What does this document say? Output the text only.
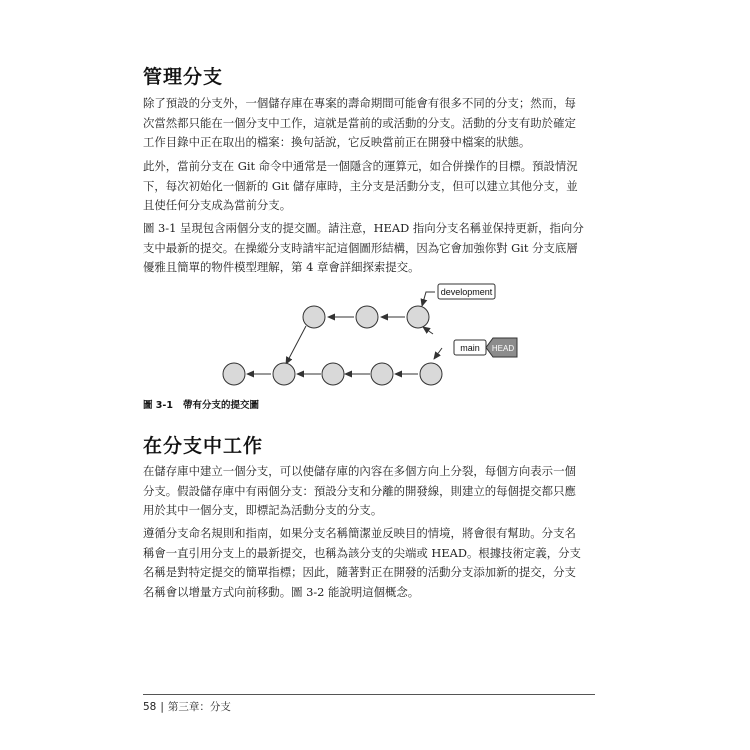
管理分支

除了預設的分支外，一個儲存庫在專案的壽命期間可能會有很多不同的分支；然而，每
次當然都只能在一個分支中工作，這就是當前的或活動的分支。活動的分支有助於確定
工作目錄中正在取出的檔案：換句話說，它反映當前正在開發中檔案的狀態。

此外，當前分支在 Git 命令中通常是一個隱含的運算元，如合併操作的目標。預設情況
下，每次初始化一個新的 Git 儲存庫時，主分支是活動分支，但可以建立其他分支，並
且使任何分支成為當前分支。

圖 3-1 呈現包含兩個分支的提交圖。請注意，HEAD 指向分支名稱並保持更新，指向分
支中最新的提交。在操縱分支時請牢記這個圖形結構，因為它會加強你對 Git 分支底層
優雅且簡單的物件模型理解，第 4 章會詳細探索提交。

development
main HEAD

圖 3-1 帶有分支的提交圖

在分支中工作

在儲存庫中建立一個分支，可以使儲存庫的內容在多個方向上分裂，每個方向表示一個
分支。假設儲存庫中有兩個分支：預設分支和分離的開發線，則建立的每個提交都只應
用於其中一個分支，即標記為活動分支的分支。

遵循分支命名規則和指南，如果分支名稱簡潔並反映目的情境，將會很有幫助。分支名
稱會一直引用分支上的最新提交，也稱為該分支的尖端或 HEAD。根據技術定義，分支
名稱是對特定提交的簡單指標；因此，隨著對正在開發的活動分支添加新的提交，分支
名稱會以增量方式向前移動。圖 3-2 能說明這個概念。

58 | 第三章：分支
